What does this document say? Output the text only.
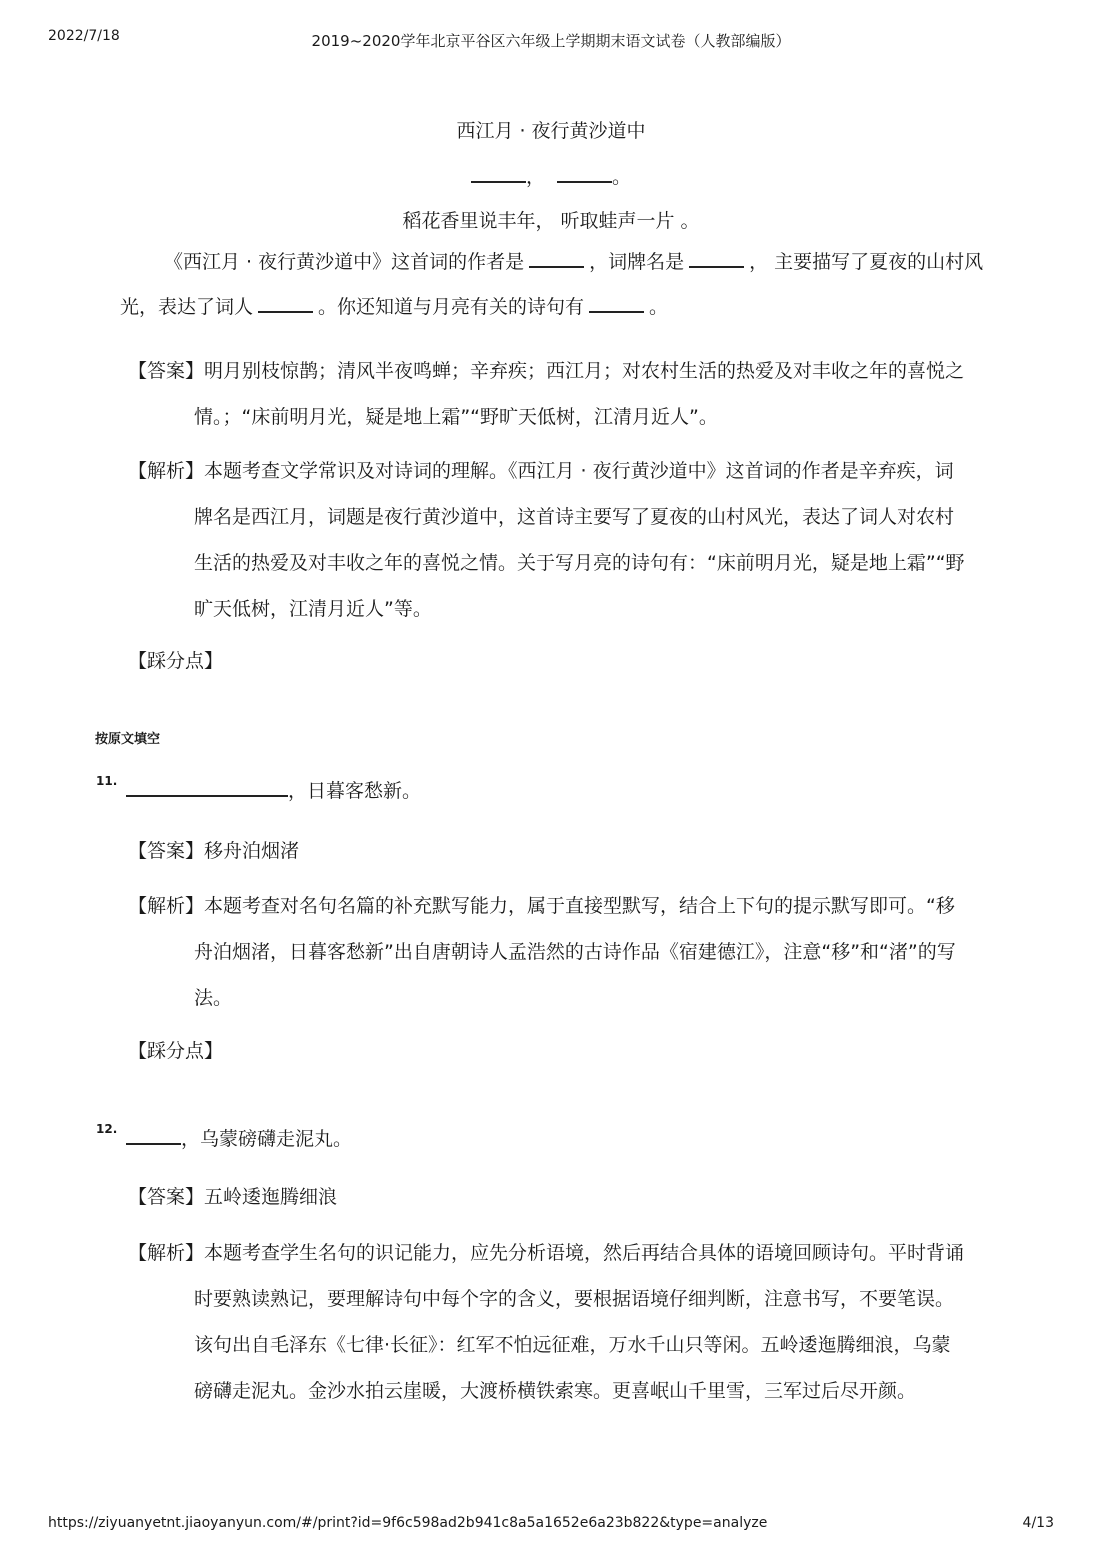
2022/7/18	2019~2020学年北京平谷区六年级上学期期末语文试卷（人教部编版）
西江月 · 夜行黄沙道中
，	。
稻花香里说丰年， 听取蛙声一片 。
《西江月 · 夜行黄沙道中》这首词的作者是	，词牌名是	， 主要描写了夏夜的山村风
光，表达了词人	。你还知道与月亮有关的诗句有	。
【答案】明月别枝惊鹊；清风半夜鸣蝉；辛弃疾；西江月；对农村生活的热爱及对丰收之年的喜悦之
情。；“床前明月光，疑是地上霜”“野旷天低树，江清月近人”。
【解析】本题考查文学常识及对诗词的理解。《西江月 · 夜行黄沙道中》这首词的作者是辛弃疾，词
牌名是西江月，词题是夜行黄沙道中，这首诗主要写了夏夜的山村风光，表达了词人对农村
生活的热爱及对丰收之年的喜悦之情。关于写月亮的诗句有：“床前明月光，疑是地上霜”“野
旷天低树，江清月近人”等。
【踩分点】
按原文填空
11.	，日暮客愁新。
【答案】移舟泊烟渚
【解析】本题考查对名句名篇的补充默写能力，属于直接型默写，结合上下句的提示默写即可。“移
舟泊烟渚，日暮客愁新”出自唐朝诗人孟浩然的古诗作品《宿建德江》，注意“移”和“渚”的写
法。
【踩分点】
12.	，乌蒙磅礴走泥丸。
【答案】五岭逶迤腾细浪
【解析】本题考查学生名句的识记能力，应先分析语境，然后再结合具体的语境回顾诗句。平时背诵
时要熟读熟记，要理解诗句中每个字的含义，要根据语境仔细判断，注意书写，不要笔误。
该句出自毛泽东《七律·长征》：红军不怕远征难，万水千山只等闲。五岭逶迤腾细浪，乌蒙
磅礴走泥丸。金沙水拍云崖暖，大渡桥横铁索寒。更喜岷山千里雪，三军过后尽开颜。
https://ziyuanyetnt.jiaoyanyun.com/#/print?id=9f6c598ad2b941c8a5a1652e6a23b822&type=analyze	4/13
